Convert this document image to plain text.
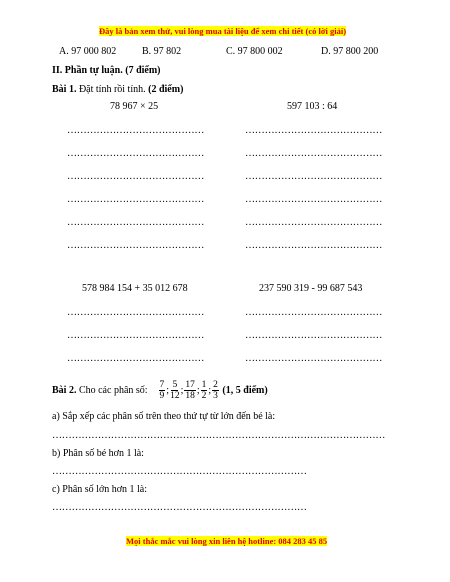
Đây là bản xem thử, vui lòng mua tài liệu để xem chi tiết (có lời giải)
A. 97 000 802	B. 97 802	C. 97 800 002	D. 97 800 200
II. Phần tự luận. (7 điểm)
Bài 1. Đặt tính rồi tính. (2 điểm)
78 967 × 25	597 103 : 64
……………………………………	……………………………………
……………………………………	……………………………………
……………………………………	……………………………………
……………………………………	……………………………………
……………………………………	……………………………………
……………………………………	……………………………………
578 984 154 + 35 012 678	237 590 319 - 99 687 543
……………………………………	……………………………………
……………………………………	……………………………………
……………………………………	……………………………………
Bài 2.
Cho các phân số:
$\frac{7}{9}$ ; $\frac{5}{12}$ ; $\frac{17}{18}$ ; $\frac{1}{2}$ ; $\frac{2}{3}$
(1, 5 điểm)
a) Sắp xếp các phân số trên theo thứ tự từ lớn đến bé là:
…………………………………………………………………………………………
b) Phân số bé hơn 1 là:
……………………………………………………………………
c) Phân số lớn hơn 1 là:
……………………………………………………………………
Mọi thắc mắc vui lòng xin liên hệ hotline: 084 283 45 85
